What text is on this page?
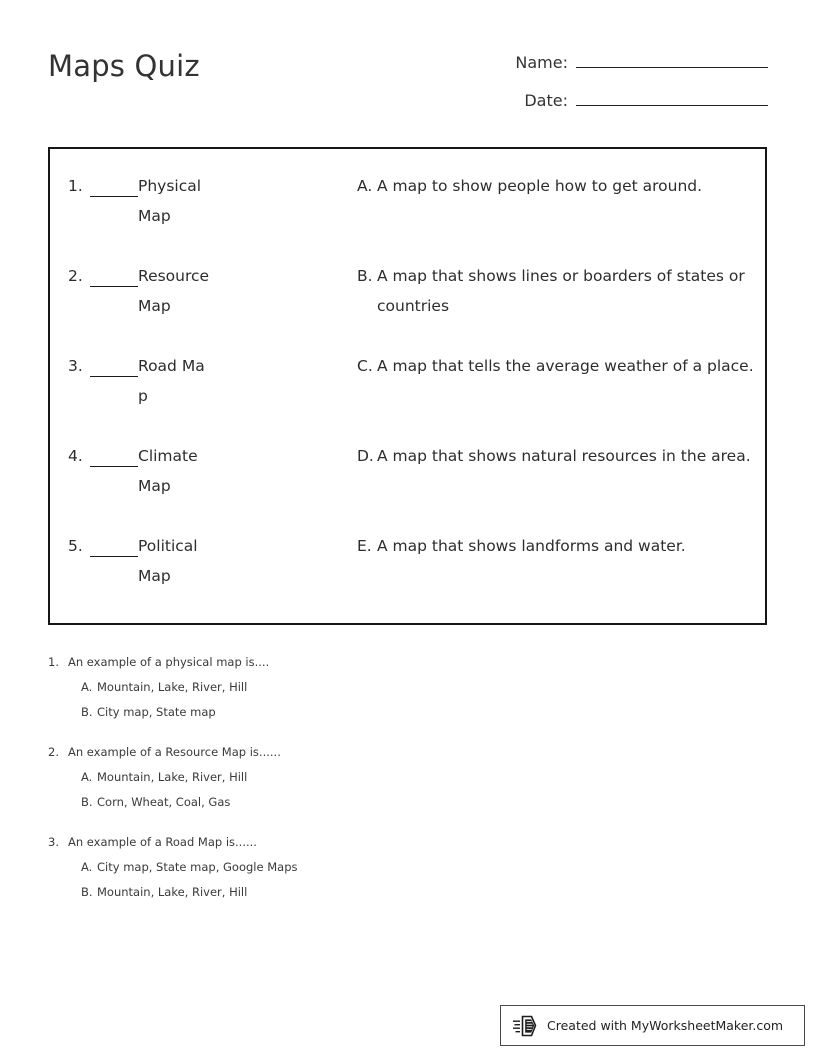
Maps Quiz	Name:
Date:
1.	Physical Map
2.	Resource Map
3.	Road Map
4.	Climate Map
5.	Political Map
A. A map to show people how to get around.
B. A map that shows lines or boarders of states or countries
C. A map that tells the average weather of a place.
D. A map that shows natural resources in the area.
E. A map that shows landforms and water.
1. An example of a physical map is....
A. Mountain, Lake, River, Hill
B. City map, State map
2. An example of a Resource Map is......
A. Mountain, Lake, River, Hill
B. Corn, Wheat, Coal, Gas
3. An example of a Road Map is......
A. City map, State map, Google Maps
B. Mountain, Lake, River, Hill
Created with MyWorksheetMaker.com
